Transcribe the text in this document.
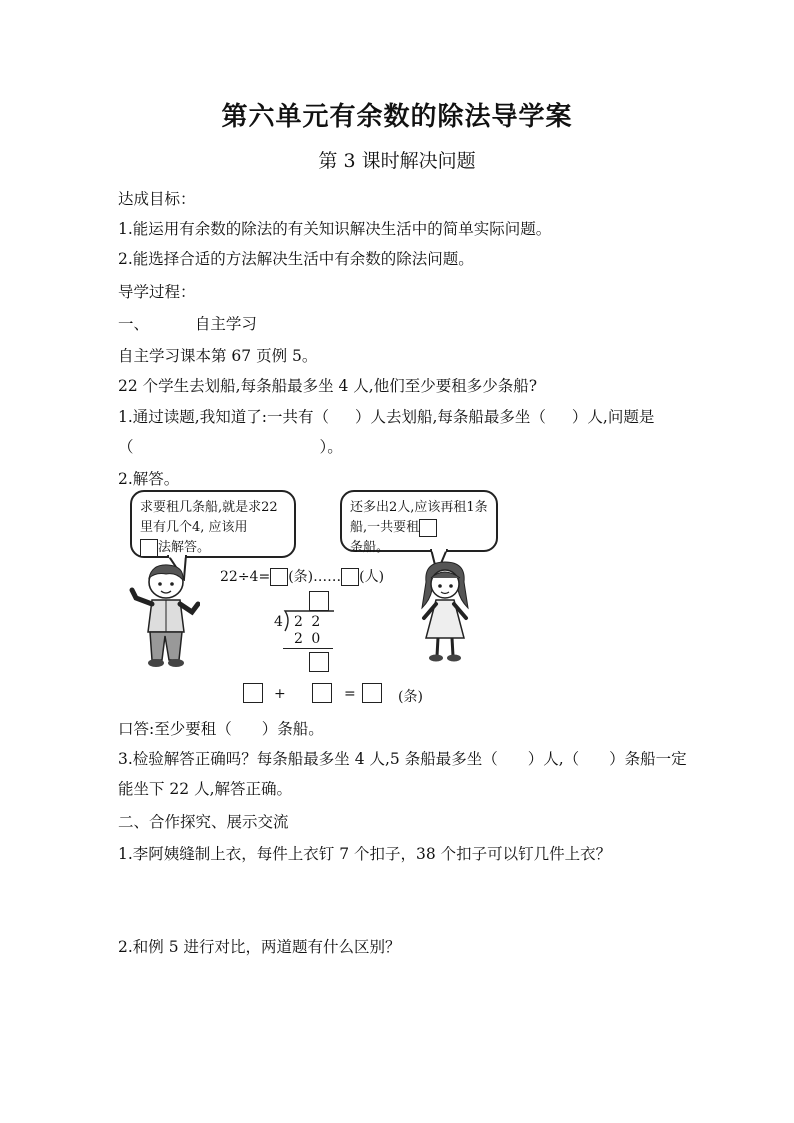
第六单元有余数的除法导学案
第 3 课时解决问题
达成目标：
1.能运用有余数的除法的有关知识解决生活中的简单实际问题。
2.能选择合适的方法解决生活中有余数的除法问题。
导学过程：
一、	自主学习
自主学习课本第 67 页例 5。
22 个学生去划船,每条船最多坐 4 人,他们至少要租多少条船?
1.通过读题,我知道了:一共有（ ）人去划船,每条船最多坐（ ）人,问题是
（	）。
2.解答。
求要租几条船,就是求22里有几个4, 应该用
法解答。
还多出2人,应该再租1条船,一共要租
条船。
22÷4= (条)…… (人)
4 2 2
2 0
+	=	(条)
口答:至少要租（ ）条船。
3.检验解答正确吗？每条船最多坐 4 人,5 条船最多坐（ ）人,（ ）条船一定
能坐下 22 人,解答正确。
二、合作探究、展示交流
1.李阿姨缝制上衣，每件上衣钉 7 个扣子，38 个扣子可以钉几件上衣？
2.和例 5 进行对比，两道题有什么区别？
